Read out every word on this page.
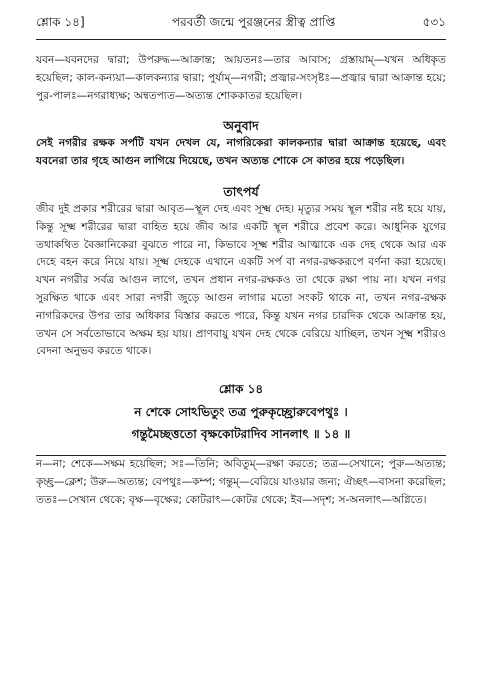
শ্লোক ১৪]	পরবর্তী জন্মে পুরঞ্জনের স্ত্রীত্ব প্রাপ্তি	৫৩১
যবন—যবনদের দ্বারা; উপরুদ্ধ—আক্রান্ত; আয়তনঃ—তার আবাস; গ্রস্তায়াম্—যখন অধিকৃত হয়েছিল; কাল-কন্যয়া—কালকন্যার দ্বারা; পুর্যাম্—নগরী; প্রজ্বার-সংসৃষ্টঃ—প্রজ্বার দ্বারা আক্রান্ত হয়ে; পুর-পালঃ—নগরাধ্যক্ষ; অন্বতপ্যত—অত্যন্ত শোককাতর হয়েছিল।
অনুবাদ
সেই নগরীর রক্ষক সর্পটি যখন দেখল যে, নাগরিকেরা কালকন্যার দ্বারা আক্রান্ত হয়েছে, এবং যবনেরা তার গৃহে আগুন লাগিয়ে দিয়েছে, তখন অত্যন্ত শোকে সে কাতর হয়ে পড়েছিল।
তাৎপর্য
জীব দুই প্রকার শরীরের দ্বারা আবৃত—স্থূল দেহ এবং সূক্ষ্ম দেহ। মৃত্যুর সময় স্থূল শরীর নষ্ট হয়ে যায়, কিন্তু সূক্ষ্ম শরীরের দ্বারা বাহিত হয়ে জীব আর একটি স্থূল শরীরে প্রবেশ করে। আধুনিক যুগের তথাকথিত বৈজ্ঞানিকেরা বুঝতে পারে না, কিভাবে সূক্ষ্ম শরীর আত্মাকে এক দেহ থেকে আর এক দেহে বহন করে নিয়ে যায়। সূক্ষ্ম দেহকে এখানে একটি সর্প বা নগর-রক্ষকরূপে বর্ণনা করা হয়েছে। যখন নগরীর সর্বত্র আগুন লাগে, তখন প্রধান নগর-রক্ষকও তা থেকে রক্ষা পায় না। যখন নগর সুরক্ষিত থাকে এবং সারা নগরী জুড়ে আগুন লাগার মতো সংকট থাকে না, তখন নগর-রক্ষক নাগরিকদের উপর তার অধিকার বিস্তার করতে পারে, কিন্তু যখন নগর চারদিক থেকে আক্রান্ত হয়, তখন সে সর্বতোভাবে অক্ষম হয় যায়। প্রাণবায়ু যখন দেহ থেকে বেরিয়ে যাচ্ছিল, তখন সূক্ষ্ম শরীরও বেদনা অনুভব করতে থাকে।
শ্লোক ১৪
ন শেকে সোঽভিতুং তত্র পুরুকৃচ্ছ্রোরুবেপথুঃ ।
গন্তুমৈচ্ছত্ততো বৃক্ষকোটরাদিব সানলাৎ ॥ ১৪ ॥
ন—না; শেকে—সক্ষম হয়েছিল; সঃ—তিনি; অবিতুম্—রক্ষা করতে; তত্র—সেখানে; পুরু—অত্যন্ত; কৃচ্ছ্র—ক্লেশ; উরু—অত্যন্ত; বেপথুঃ—কম্প; গন্তুম্—বেরিয়ে যাওয়ার জন্য; ঐচ্ছৎ—বাসনা করেছিল; ততঃ—সেখান থেকে; বৃক্ষ—বৃক্ষের; কোটরাৎ—কোটর থেকে; ইব—সদৃশ; স-অনলাৎ—অগ্নিতে।
